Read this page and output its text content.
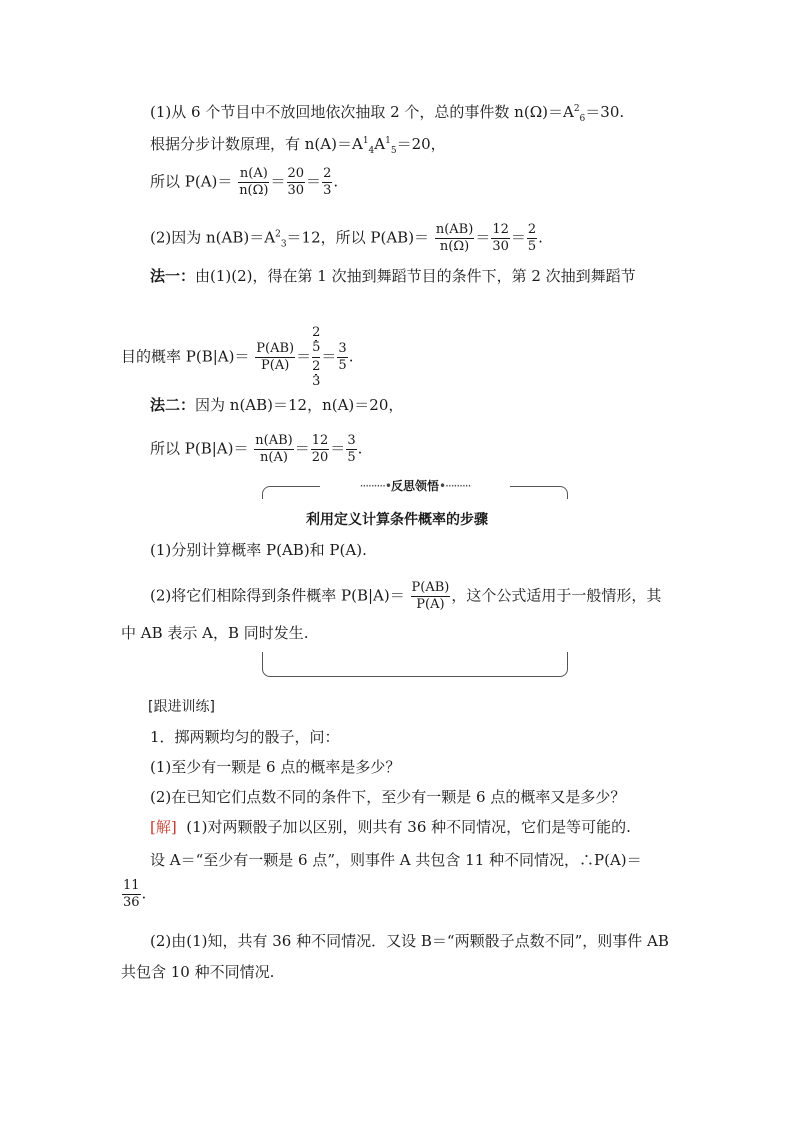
(1)从 6 个节目中不放回地依次抽取 2 个，总的事件数 $n(\Omega)=A^2_6=30$.
根据分步计数原理，有 $n(A)=A^1_4A^1_5=20$，
所以 $P(A)= \frac{n(A)}{n(\Omega)} = \frac{20}{30} = \frac{2}{3}$ .
(2)因为 $n(AB)=A^2_3=12$，所以 $P(AB)= \frac{n(AB)}{n(\Omega)} = \frac{12}{30} = \frac{2}{5}$ .
法一：由(1)(2)，得在第 1 次抽到舞蹈节目的条件下，第 2 次抽到舞蹈节
目的概率 $P(B|A)= \frac{P(AB)}{P(A)}$ ＝
2
5
2
3
＝ $\frac{3}{5}$ .
法二：因为 n(AB)＝12，n(A)＝20，
所以 $P(B|A)= \frac{n(AB)}{n(A)} = \frac{12}{20} = \frac{3}{5}$ .
·········•反思领悟•·········
利用定义计算条件概率的步骤
(1)分别计算概率 P(AB)和 P(A).
(2)将它们相除得到条件概率 $P(B|A)= \frac{P(AB)}{P(A)}$ ，这个公式适用于一般情形，其
中 AB 表示 A，B 同时发生.
[跟进训练]
1．掷两颗均匀的骰子，问：
(1)至少有一颗是 6 点的概率是多少？
(2)在已知它们点数不同的条件下，至少有一颗是 6 点的概率又是多少？
[解] (1)对两颗骰子加以区别，则共有 36 种不同情况，它们是等可能的.
设 A＝“至少有一颗是 6 点”，则事件 A 共包含 11 种不同情况，∴P(A)＝
$\frac{11}{36}$ .
(2)由(1)知，共有 36 种不同情况．又设 B＝“两颗骰子点数不同”，则事件 AB
共包含 10 种不同情况.
